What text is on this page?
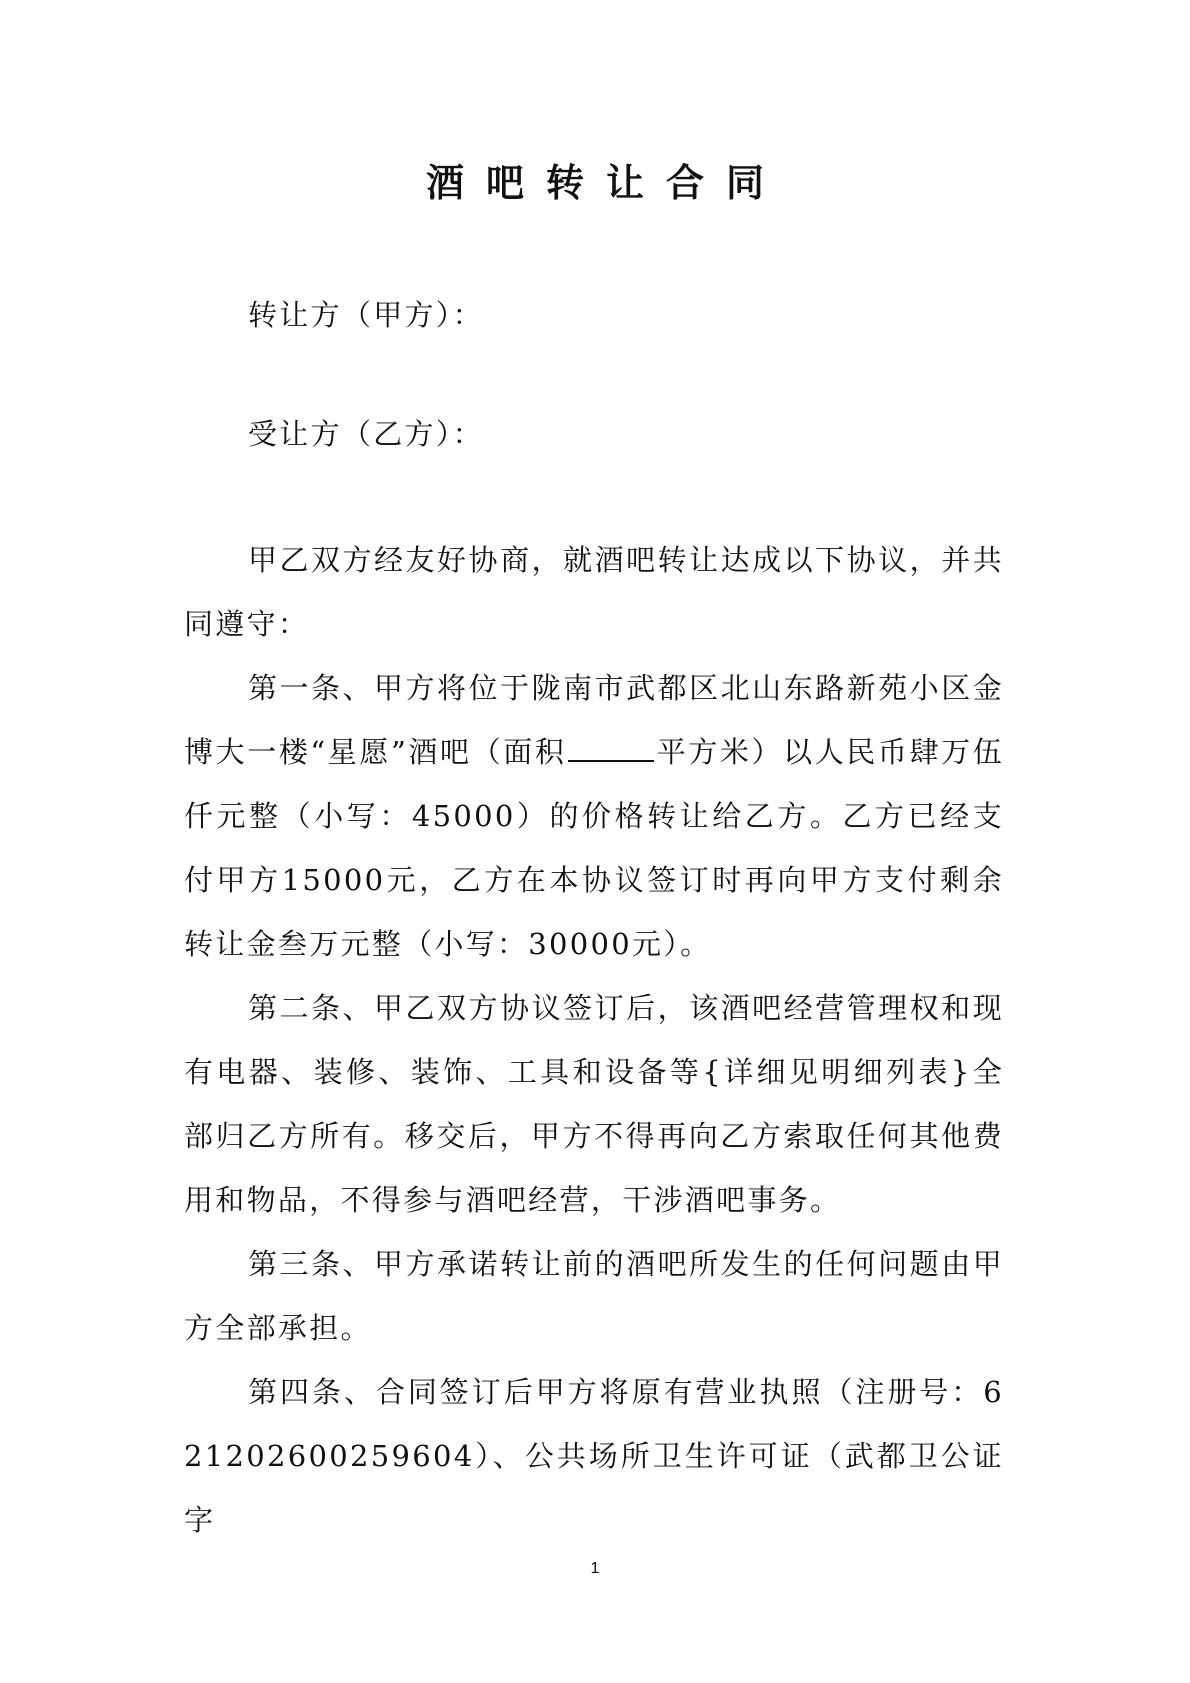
酒吧转让合同

转让方（甲方）：

受让方（乙方）：

甲乙双方经友好协商，就酒吧转让达成以下协议，并共同遵守：

第一条、甲方将位于陇南市武都区北山东路新苑小区金博大一楼“星愿”酒吧（面积	平方米）以人民币肆万伍仟元整（小写：45000）的价格转让给乙方。乙方已经支付甲方15000元，乙方在本协议签订时再向甲方支付剩余转让金叁万元整（小写：30000元）。

第二条、甲乙双方协议签订后，该酒吧经营管理权和现有电器、装修、装饰、工具和设备等{详细见明细列表}全部归乙方所有。移交后，甲方不得再向乙方索取任何其他费用和物品，不得参与酒吧经营，干涉酒吧事务。

第三条、甲方承诺转让前的酒吧所发生的任何问题由甲方全部承担。

第四条、合同签订后甲方将原有营业执照（注册号：621202600259604）、公共场所卫生许可证（武都卫公证字

1
